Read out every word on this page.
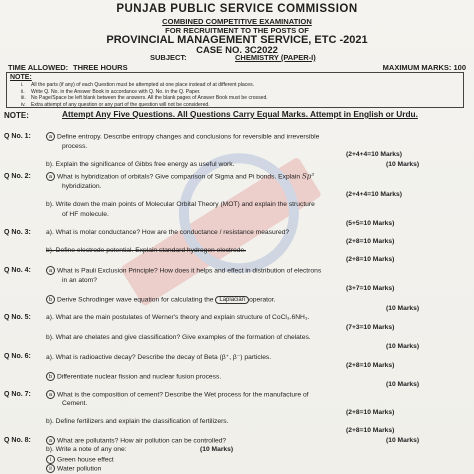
PUNJAB PUBLIC SERVICE COMMISSION
COMBINED COMPETITIVE EXAMINATION
FOR RECRUITMENT TO THE POSTS OF
PROVINCIAL MANAGEMENT SERVICE, ETC -2021
CASE NO. 3C2022
SUBJECT:	CHEMISTRY (PAPER-I)
TIME ALLOWED: THREE HOURS	MAXIMUM MARKS: 100
NOTE:
i. All the parts (if any) of each Question must be attempted at one place instead of at different places.
ii. Write Q. No. in the Answer Book in accordance with Q. No. in the Q. Paper.
iii. No Page/Space be left blank between the answers. All the blank pages of Answer Book must be crossed.
iv. Extra attempt of any question or any part of the question will not be considered.
NOTE:	Attempt Any Five Questions. All Questions Carry Equal Marks. Attempt in English or Urdu.
Q No. 1:	a Define entropy. Describe entropy changes and conclusions for reversible and irreversible
process.
(2+4+4=10 Marks)
b). Explain the significance of Gibbs free energy as useful work.	(10 Marks)
Q No. 2:	a What is hybridization of orbitals? Give comparison of Sigma and Pi bonds. Explain Sp³
hybridization.
(2+4+4=10 Marks)
b). Write down the main points of Molecular Orbital Theory (MOT) and explain the structure
of HF molecule.
(5+5=10 Marks)
Q No. 3: a). What is molar conductance? How are the conductance / resistance measured?
(2+8=10 Marks)
b). Define electrode potential. Explain standard hydrogen electrode.
(2+8=10 Marks)
Q No. 4:	a What is Pauli Exclusion Principle? How does it helps and effect in distribution of electrons
in an atom?
(3+7=10 Marks)
b Derive Schrodinger wave equation for calculating the Laplacian operator.
(10 Marks)
Q No. 5: a). What are the main postulates of Werner's theory and explain structure of CoCl₃.6NH₃.
(7+3=10 Marks)
b). What are chelates and give classification? Give examples of the formation of chelates.
(10 Marks)
Q No. 6: a). What is radioactive decay? Describe the decay of Beta (β⁺, β⁻) particles.
(2+8=10 Marks)
b Differentiate nuclear fission and nuclear fusion process.
(10 Marks)
Q No. 7:	a What is the composition of cement? Describe the Wet process for the manufacture of
Cement.
(2+8=10 Marks)
b). Define fertilizers and explain the classification of fertilizers.
(2+8=10 Marks)
Q No. 8:	a What are pollutants? How air pollution can be controlled?	(10 Marks)
b). Write a note of any one:	(10 Marks)
i Green house effect
ii Water pollution
